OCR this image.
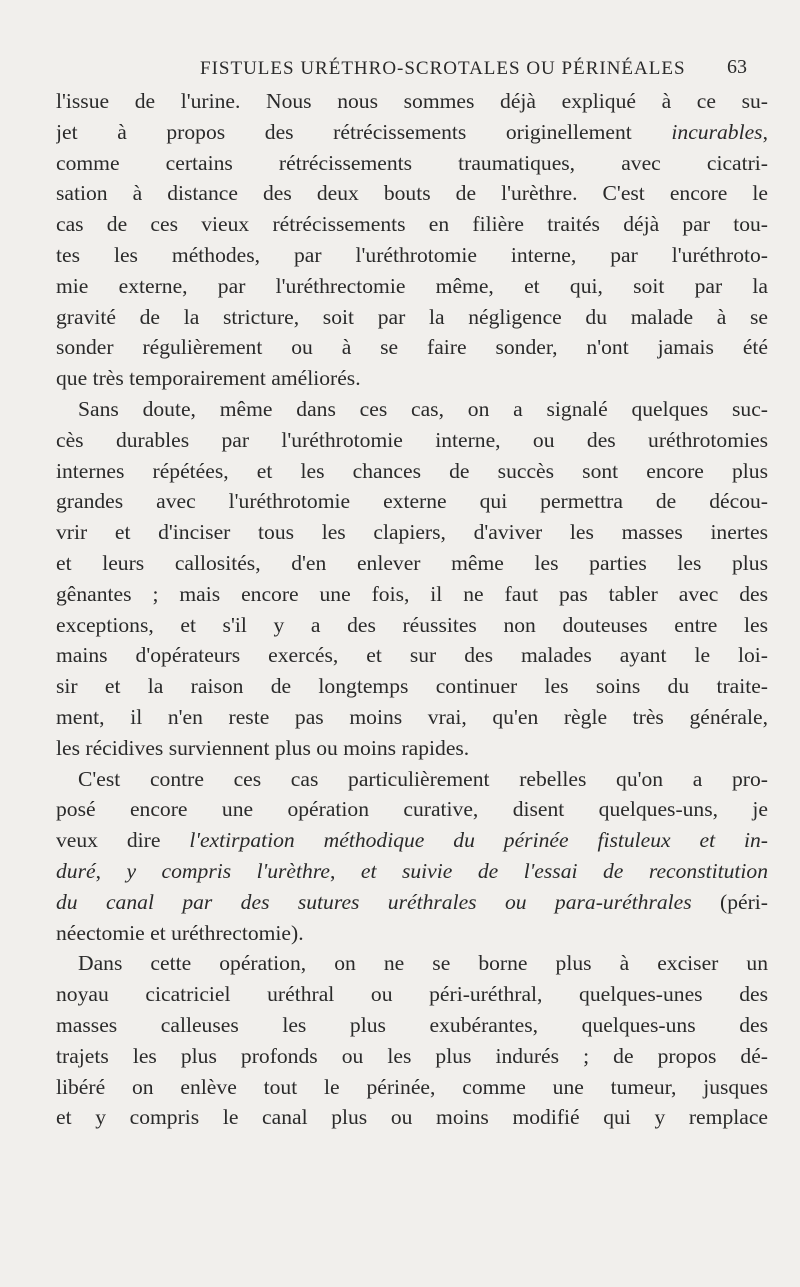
FISTULES URÉTHRO-SCROTALES OU PÉRINÉALES 63
l'issue de l'urine. Nous nous sommes déjà expliqué à ce su-
jet à propos des rétrécissements originellement incurables,
comme certains rétrécissements traumatiques, avec cicatri-
sation à distance des deux bouts de l'urèthre. C'est encore le
cas de ces vieux rétrécissements en filière traités déjà par tou-
tes les méthodes, par l'uréthrotomie interne, par l'uréthroto-
mie externe, par l'uréthrectomie même, et qui, soit par la
gravité de la stricture, soit par la négligence du malade à se
sonder régulièrement ou à se faire sonder, n'ont jamais été
que très temporairement améliorés.
Sans doute, même dans ces cas, on a signalé quelques suc-
cès durables par l'uréthrotomie interne, ou des uréthrotomies
internes répétées, et les chances de succès sont encore plus
grandes avec l'uréthrotomie externe qui permettra de décou-
vrir et d'inciser tous les clapiers, d'aviver les masses inertes
et leurs callosités, d'en enlever même les parties les plus
gênantes ; mais encore une fois, il ne faut pas tabler avec des
exceptions, et s'il y a des réussites non douteuses entre les
mains d'opérateurs exercés, et sur des malades ayant le loi-
sir et la raison de longtemps continuer les soins du traite-
ment, il n'en reste pas moins vrai, qu'en règle très générale,
les récidives surviennent plus ou moins rapides.
C'est contre ces cas particulièrement rebelles qu'on a pro-
posé encore une opération curative, disent quelques-uns, je
veux dire l'extirpation méthodique du périnée fistuleux et in-
duré, y compris l'urèthre, et suivie de l'essai de reconstitution
du canal par des sutures uréthrales ou para-uréthrales (péri-
néectomie et uréthrectomie).
Dans cette opération, on ne se borne plus à exciser un
noyau cicatriciel uréthral ou péri-uréthral, quelques-unes des
masses calleuses les plus exubérantes, quelques-uns des
trajets les plus profonds ou les plus indurés ; de propos dé-
libéré on enlève tout le périnée, comme une tumeur, jusques
et y compris le canal plus ou moins modifié qui y remplace
